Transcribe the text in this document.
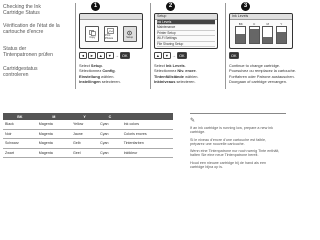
Checking the Ink Cartridge Status

Vérification de l'état de la cartouche d'encre

Status der Tintenpatronen prüfen

Cartridgestatus controleren

1
Copy	Print Photos	Setup
◄	►	▲	▼ → OK
Select Setup.
Sélectionnez Config.
Einstellung wählen.
Instellingen selecteren.
2
Setup
Ink Levels
Maintenance
Printer Setup
Wi-Fi Settings
File Sharing Setup
▲	▼ → OK
Select Ink Levels.
Sélectionnez Niv. encre.
Tintenfüllstände wählen.
Inktniveaus selecteren.
3
Ink Levels
BK	C	M	Y
OK
Continue to change cartridge.
Poursuivez ou remplacez la cartouche.
Fortfahren oder Patrone austauschen.
Doorgaan of cartridge vervangen.
BK	M	Y	C	
Black	Magenta	Yellow	Cyan	Ink colors
Noir	Magenta	Jaune	Cyan	Coloris encres
Schwarz	Magenta	Gelb	Cyan	Tintenfarben
Zwart	Magenta	Geel	Cyan	Inktkleur
✎

If an ink cartridge is running low, prepare a new ink cartridge.

Si le niveau d'encre d'une cartouche est faible, préparez une nouvelle cartouche.

Wenn eine Tintenpatrone nur noch wenig Tinte enthält, halten Sie eine neue Tintenpatrone bereit.

Houd een nieuwe cartridge bij de hand als een cartridge bijna op is.
